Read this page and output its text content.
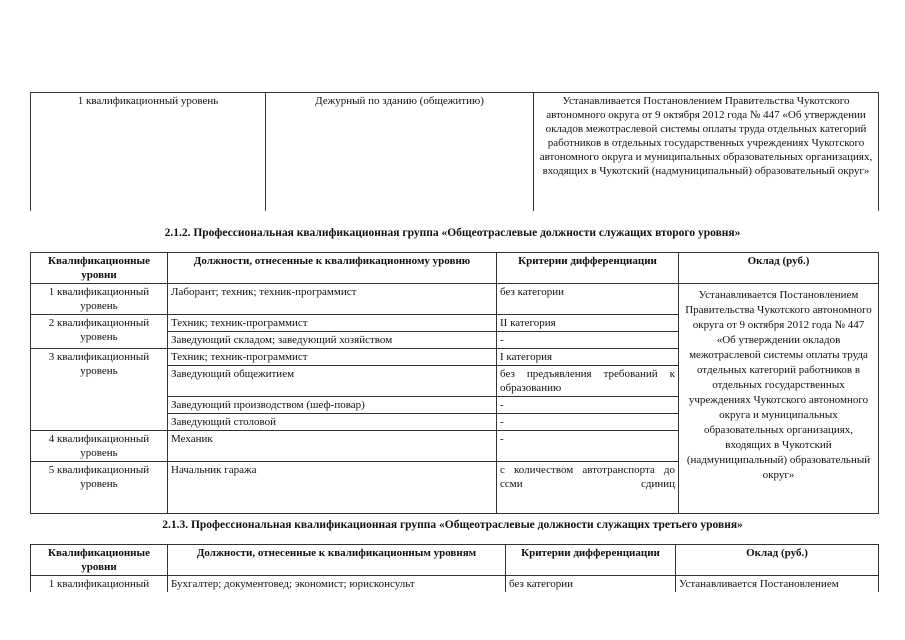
1 квалификационный уровень	Дежурный по зданию (общежитию)	Устанавливается Постановлением Правительства Чукотского автономного округа от 9 октября 2012 года № 447 «Об утверждении окладов межотраслевой системы оплаты труда отдельных категорий работников в отдельных государственных учреждениях Чукотского автономного округа и муниципальных образовательных организациях, входящих в Чукотский (надмуниципальный) образовательный округ»
2.1.2. Профессиональная квалификационная группа «Общеотраслевые должности служащих второго уровня»
Квалификационные уровни	Должности, отнесенные к квалификационному уровню	Критерии дифференциации	Оклад (руб.)
1 квалификационный уровень	Лаборант; техник; техник-программист	без категории	Устанавливается Постановлением Правительства Чукотского автономного округа от 9 октября 2012 года № 447 «Об утверждении окладов межотраслевой системы оплаты труда отдельных категорий работников в отдельных государственных учреждениях Чукотского автономного округа и муниципальных образовательных организациях, входящих в Чукотский (надмуниципальный) образовательный округ»
2 квалификационный уровень	Техник; техник-программист	II категория	
	Заведующий складом; заведующий хозяйством	-	
3 квалификационный уровень	Техник; техник-программист	I категория	
	Заведующий общежитием	без предъявления требований к образованию	
	Заведующий производством (шеф-повар)	-	
	Заведующий столовой	-	
4 квалификационный уровень	Механик	-	
5 квалификационный уровень	Начальник гаража	с количеством автотранспорта до ссми сдиниц	
2.1.3. Профессиональная квалификационная группа «Общеотраслевые должности служащих третьего уровня»
Квалификационные уровни	Должности, отнесенные к квалификационным уровням	Критерии дифференциации	Оклад (руб.)
1 квалификационный	Бухгалтер; документовед; экономист; юрисконсульт	без категории	Устанавливается Постановлением
